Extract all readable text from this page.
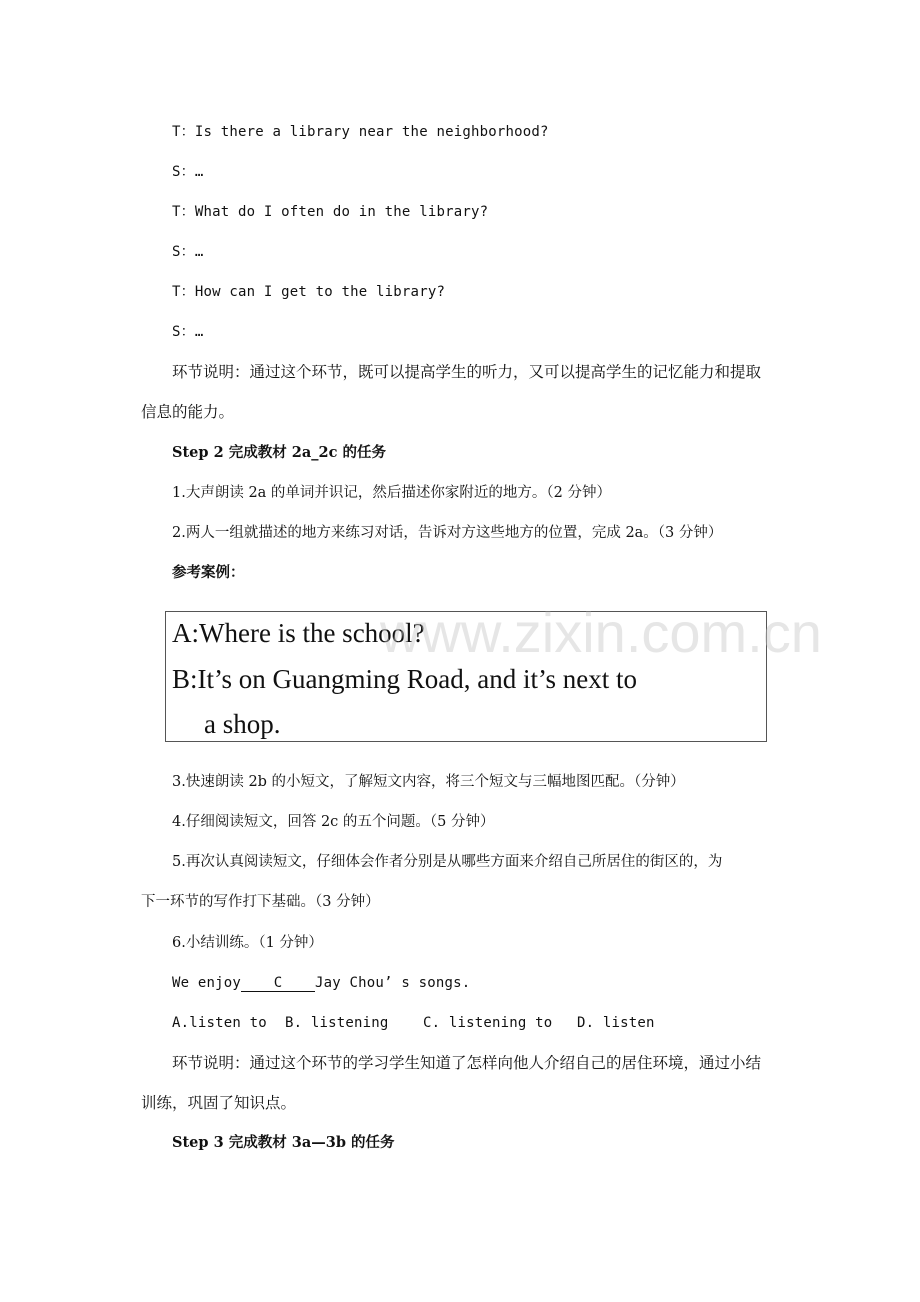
T：Is there a library near the neighborhood?
S：…
T：What do I often do in the library?
S：…
T：How can I get to the library?
S：…
环节说明：通过这个环节，既可以提高学生的听力，又可以提高学生的记忆能力和提取
信息的能力。
Step 2 完成教材 2a_2c 的任务
1.大声朗读 2a 的单词并识记，然后描述你家附近的地方。（2 分钟）
2.两人一组就描述的地方来练习对话，告诉对方这些地方的位置，完成 2a。（3 分钟）
参考案例：
A:Where is the school?
B:It’s on Guangming Road, and it’s next to
a shop.
www.zixin.com.cn
3.快速朗读 2b 的小短文，了解短文内容，将三个短文与三幅地图匹配。（分钟）
4.仔细阅读短文，回答 2c 的五个问题。（5 分钟）
5.再次认真阅读短文，仔细体会作者分别是从哪些方面来介绍自己所居住的街区的，为
下一环节的写作打下基础。（3 分钟）
6.小结训练。（1 分钟）
We enjoy C Jay Chou’ s songs.
A.listen to B. listening C. listening to D. listen
环节说明：通过这个环节的学习学生知道了怎样向他人介绍自己的居住环境，通过小结
训练，巩固了知识点。
Step 3 完成教材 3a—3b 的任务
